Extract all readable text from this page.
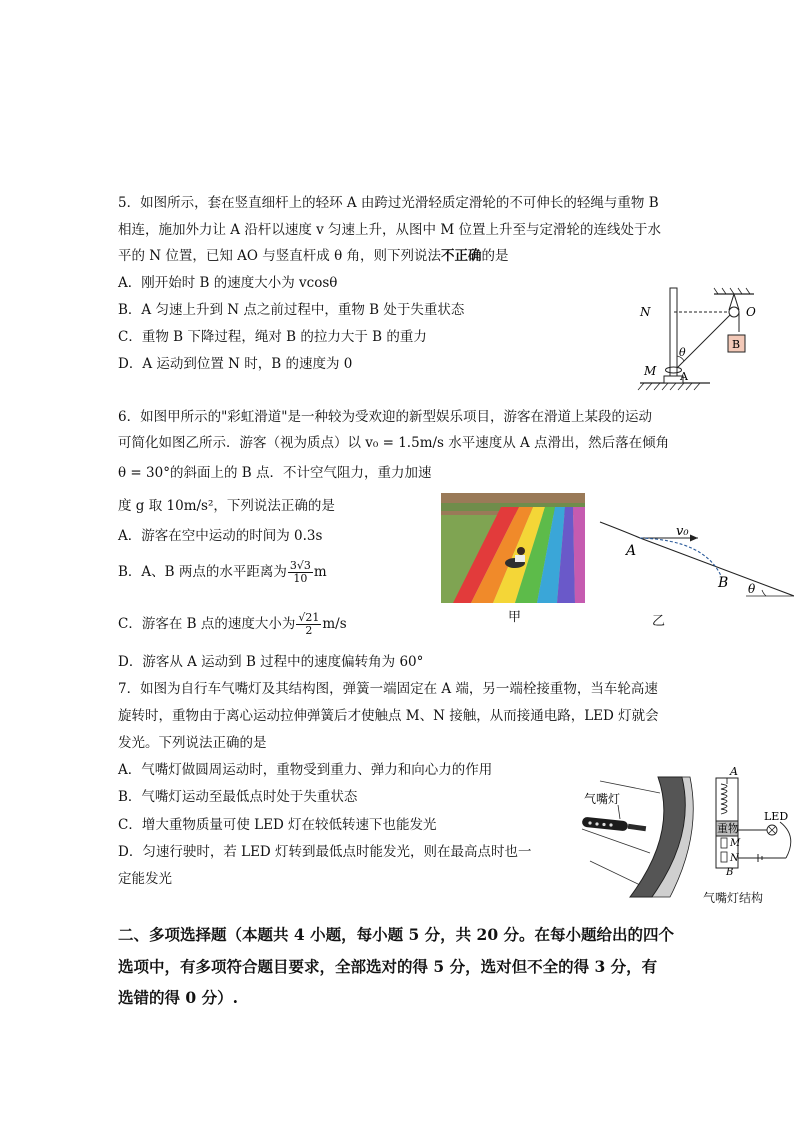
5．如图所示，套在竖直细杆上的轻环 A 由跨过光滑轻质定滑轮的不可伸长的轻绳与重物 B
相连，施加外力让 A 沿杆以速度 v 匀速上升，从图中 M 位置上升至与定滑轮的连线处于水
平的 N 位置，已知 AO 与竖直杆成 θ 角，则下列说法不正确的是
A．刚开始时 B 的速度大小为 vcosθ
B．A 匀速上升到 N 点之前过程中，重物 B 处于失重状态
C．重物 B 下降过程，绳对 B 的拉力大于 B 的重力
D．A 运动到位置 N 时，B 的速度为 0
N	O
B
θ
M A
6．如图甲所示的"彩虹滑道"是一种较为受欢迎的新型娱乐项目，游客在滑道上某段的运动
可简化如图乙所示．游客（视为质点）以 v₀ = 1.5m/s 水平速度从 A 点滑出，然后落在倾角
θ = 30°的斜面上的 B 点．不计空气阻力，重力加速
度 g 取 10m/s²，下列说法正确的是
A．游客在空中运动的时间为 0.3s
B．A、B 两点的水平距离为 $\frac{3√3}{10}$ m
C．游客在 B 点的速度大小为 $\frac{√21}{2} m/s$
D．游客从 A 运动到 B 过程中的速度偏转角为 60°
甲
v₀
A
B θ
乙
7．如图为自行车气嘴灯及其结构图，弹簧一端固定在 A 端，另一端栓接重物，当车轮高速
旋转时，重物由于离心运动拉伸弹簧后才使触点 M、N 接触，从而接通电路，LED 灯就会
发光。下列说法正确的是
A．气嘴灯做圆周运动时，重物受到重力、弹力和向心力的作用
B．气嘴灯运动至最低点时处于失重状态
C．增大重物质量可使 LED 灯在较低转速下也能发光
D．匀速行驶时，若 LED 灯转到最低点时能发光，则在最高点时也一
定能发光
气嘴灯
A
LED
重物
M
N
B
气嘴灯结构
二、多项选择题（本题共 4 小题，每小题 5 分，共 20 分。在每小题给出的四个
选项中，有多项符合题目要求，全部选对的得 5 分，选对但不全的得 3 分，有
选错的得 0 分）.
